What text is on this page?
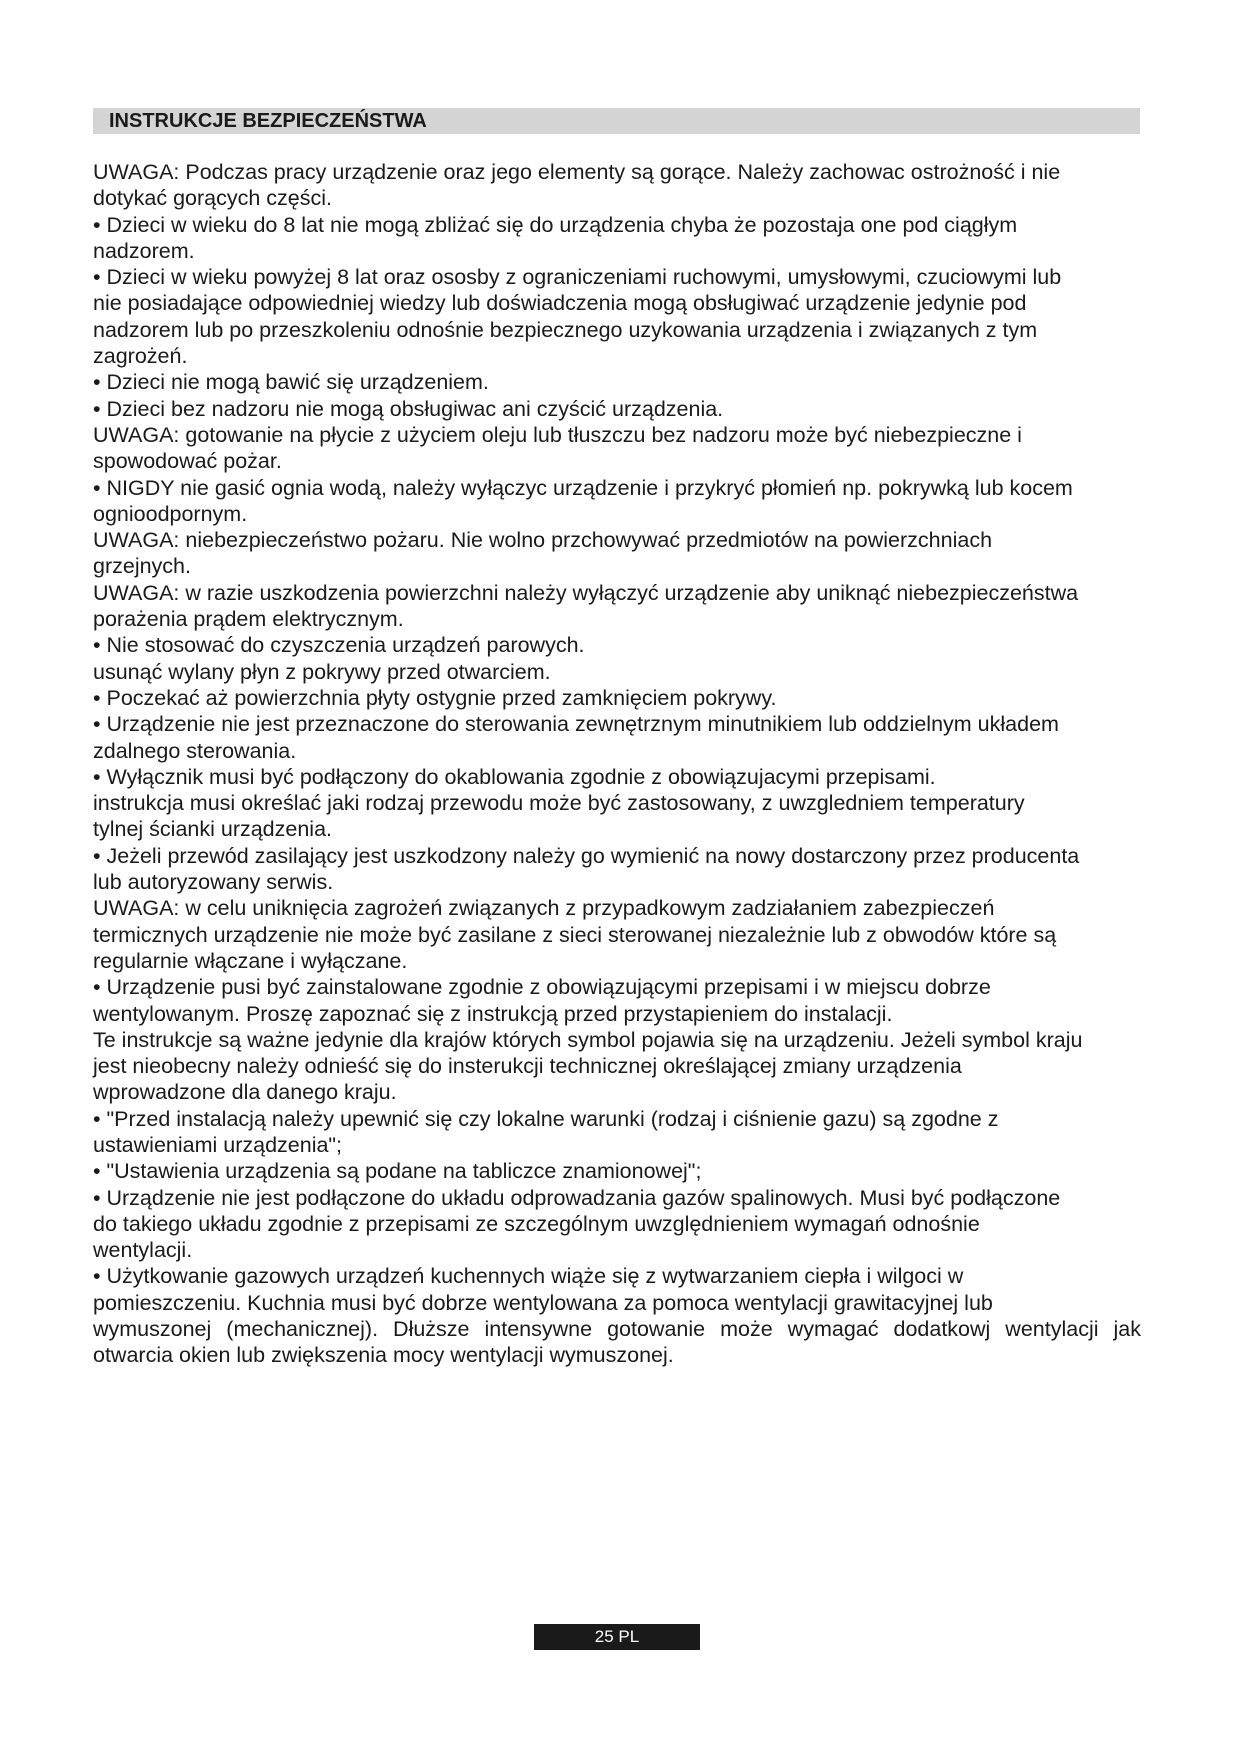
INSTRUKCJE BEZPIECZEŃSTWA
UWAGA: Podczas pracy urządzenie oraz jego elementy są gorące. Należy zachowac ostrożność i nie
dotykać gorących części.
• Dzieci w wieku do 8 lat nie mogą zbliżać się do urządzenia chyba że pozostaja one pod ciągłym
nadzorem.
• Dzieci w wieku powyżej 8 lat oraz ososby z ograniczeniami ruchowymi, umysłowymi, czuciowymi lub
nie posiadające odpowiedniej wiedzy lub doświadczenia mogą obsługiwać urządzenie jedynie pod
nadzorem lub po przeszkoleniu odnośnie bezpiecznego uzykowania urządzenia i związanych z tym
zagrożeń.
• Dzieci nie mogą bawić się urządzeniem.
• Dzieci bez nadzoru nie mogą obsługiwac ani czyścić urządzenia.
UWAGA: gotowanie na płycie z użyciem oleju lub tłuszczu bez nadzoru może być niebezpieczne i
spowodować pożar.
• NIGDY nie gasić ognia wodą, należy wyłączyc urządzenie i przykryć płomień np. pokrywką lub kocem
ognioodpornym.
UWAGA: niebezpieczeństwo pożaru. Nie wolno przchowywać przedmiotów na powierzchniach
grzejnych.
UWAGA: w razie uszkodzenia powierzchni należy wyłączyć urządzenie aby uniknąć niebezpieczeństwa
porażenia prądem elektrycznym.
• Nie stosować do czyszczenia urządzeń parowych.
usunąć wylany płyn z pokrywy przed otwarciem.
• Poczekać aż powierzchnia płyty ostygnie przed zamknięciem pokrywy.
• Urządzenie nie jest przeznaczone do sterowania zewnętrznym minutnikiem lub oddzielnym układem
zdalnego sterowania.
• Wyłącznik musi być podłączony do okablowania zgodnie z obowiązujacymi przepisami.
instrukcja musi określać jaki rodzaj przewodu może być zastosowany, z uwzgledniem temperatury
tylnej ścianki urządzenia.
• Jeżeli przewód zasilający jest uszkodzony należy go wymienić na nowy dostarczony przez producenta
lub autoryzowany serwis.
UWAGA: w celu uniknięcia zagrożeń związanych z przypadkowym zadziałaniem zabezpieczeń
termicznych urządzenie nie może być zasilane z sieci sterowanej niezależnie lub z obwodów które są
regularnie włączane i wyłączane.
• Urządzenie pusi być zainstalowane zgodnie z obowiązującymi przepisami i w miejscu dobrze
wentylowanym. Proszę zapoznać się z instrukcją przed przystapieniem do instalacji.
Te instrukcje są ważne jedynie dla krajów których symbol pojawia się na urządzeniu. Jeżeli symbol kraju
jest nieobecny należy odnieść się do insterukcji technicznej określającej zmiany urządzenia
wprowadzone dla danego kraju.
• "Przed instalacją należy upewnić się czy lokalne warunki (rodzaj i ciśnienie gazu) są zgodne z
ustawieniami urządzenia";
• "Ustawienia urządzenia są podane na tabliczce znamionowej";
• Urządzenie nie jest podłączone do układu odprowadzania gazów spalinowych. Musi być podłączone
do takiego układu zgodnie z przepisami ze szczególnym uwzględnieniem wymagań odnośnie
wentylacji.
• Użytkowanie gazowych urządzeń kuchennych wiąże się z wytwarzaniem ciepła i wilgoci w
pomieszczeniu. Kuchnia musi być dobrze wentylowana za pomoca wentylacji grawitacyjnej lub
wymuszonej (mechanicznej). Dłuższe intensywne gotowanie może wymagać dodatkowj wentylacji jak
otwarcia okien lub zwiększenia mocy wentylacji wymuszonej.
25 PL
